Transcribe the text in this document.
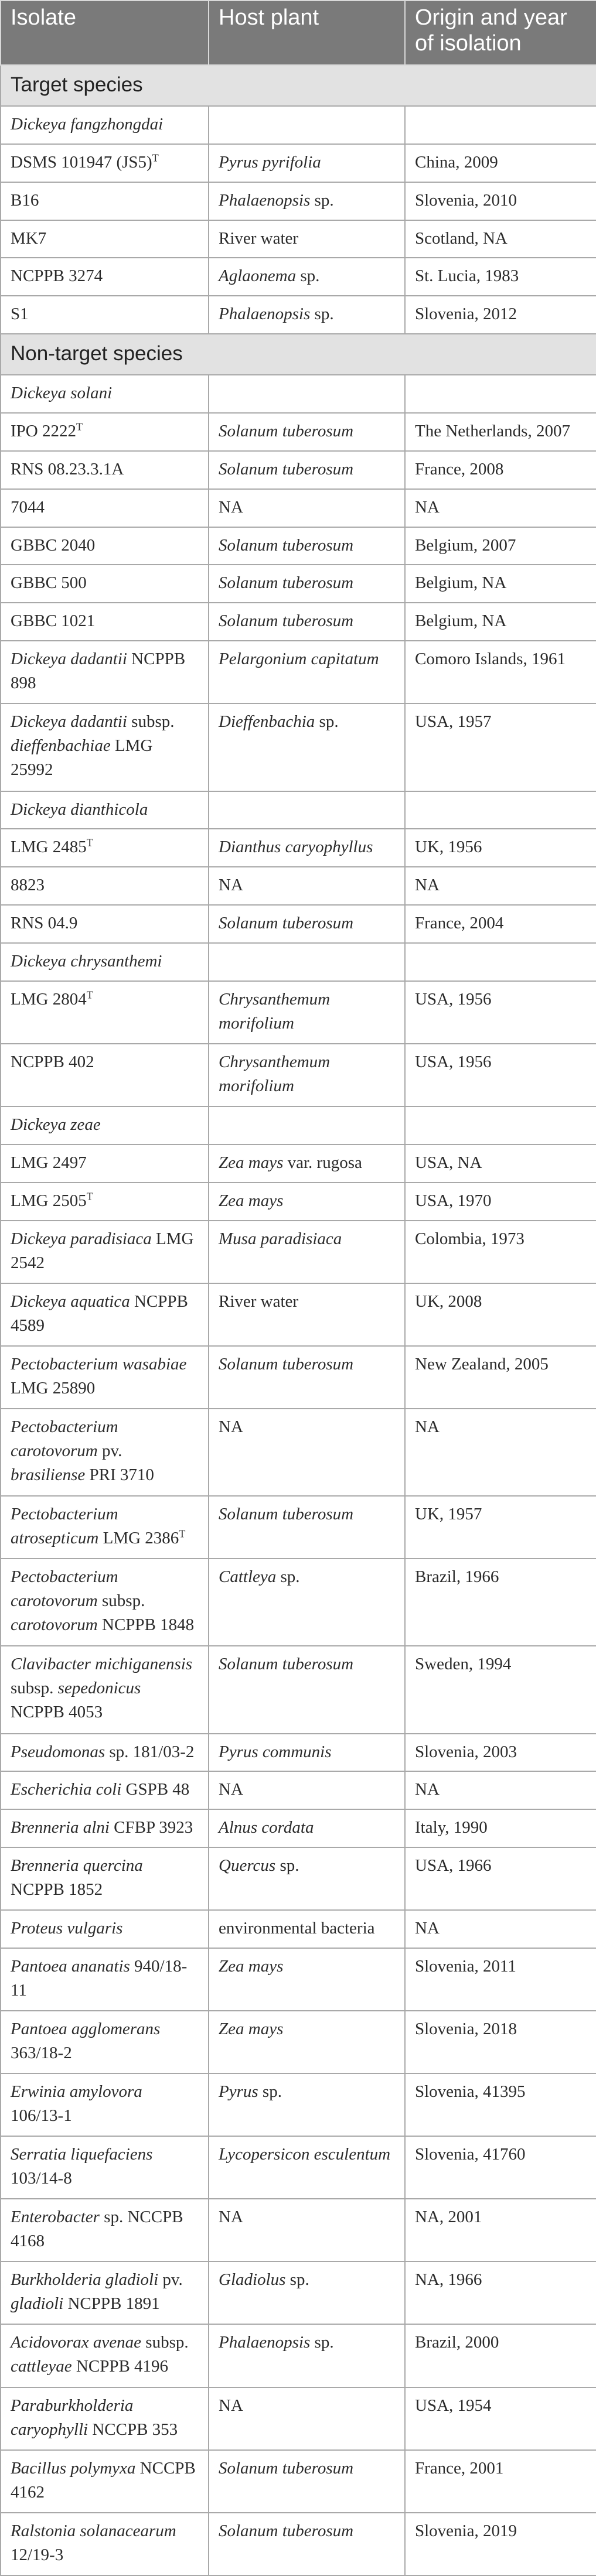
Isolate	Host plant	Origin and year of isolation
Target species		
Dickeya fangzhongdai		
DSMS 101947 $(JS5)^T$	Pyrus pyrifolia	China, 2009
B16	Phalaenopsis sp.	Slovenia, 2010
MK7	River water	Scotland, NA
NCPPB 3274	Aglaonema sp.	St. Lucia, 1983
S1	Phalaenopsis sp.	Slovenia, 2012
Non-target species		
Dickeya solani		
IPO $2222^T$	Solanum tuberosum	The Netherlands, 2007
RNS 08.23.3.1A	Solanum tuberosum	France, 2008
7044	NA	NA
GBBC 2040	Solanum tuberosum	Belgium, 2007
GBBC 500	Solanum tuberosum	Belgium, NA
GBBC 1021	Solanum tuberosum	Belgium, NA
Dickeya dadantii NCPPB 898	Pelargonium capitatum	Comoro Islands, 1961
Dickeya dadantii subsp. dieffenbachiae LMG 25992	Dieffenbachia sp.	USA, 1957
Dickeya dianthicola		
LMG $2485^T$	Dianthus caryophyllus	UK, 1956
8823	NA	NA
RNS 04.9	Solanum tuberosum	France, 2004
Dickeya chrysanthemi		
LMG $2804^T$	Chrysanthemum morifolium	USA, 1956
NCPPB 402	Chrysanthemum morifolium	USA, 1956
Dickeya zeae		
LMG 2497	Zea mays var. rugosa	USA, NA
LMG $2505^T$	Zea mays	USA, 1970
Dickeya paradisiaca LMG 2542	Musa paradisiaca	Colombia, 1973
Dickeya aquatica NCPPB 4589	River water	UK, 2008
Pectobacterium wasabiae LMG 25890	Solanum tuberosum	New Zealand, 2005
Pectobacterium carotovorum pv. brasiliense PRI 3710	NA	NA
Pectobacterium atrosepticum LMG $2386^T$	Solanum tuberosum	UK, 1957
Pectobacterium carotovorum subsp. carotovorum NCPPB 1848	Cattleya sp.	Brazil, 1966
Clavibacter michiganensis subsp. sepedonicus NCPPB 4053	Solanum tuberosum	Sweden, 1994
Pseudomonas sp. 181/03-2	Pyrus communis	Slovenia, 2003
Escherichia coli GSPB 48	NA	NA
Brenneria alni CFBP 3923	Alnus cordata	Italy, 1990
Brenneria quercina NCPPB 1852	Quercus sp.	USA, 1966
Proteus vulgaris	environmental bacteria	NA
Pantoea ananatis 940/18-11	Zea mays	Slovenia, 2011
Pantoea agglomerans 363/18-2	Zea mays	Slovenia, 2018
Erwinia amylovora 106/13-1	Pyrus sp.	Slovenia, 41395
Serratia liquefaciens 103/14-8	Lycopersicon esculentum	Slovenia, 41760
Enterobacter sp. NCCPB 4168	NA	NA, 2001
Burkholderia gladioli pv. gladioli NCPPB 1891	Gladiolus sp.	NA, 1966
Acidovorax avenae subsp. cattleyae NCPPB 4196	Phalaenopsis sp.	Brazil, 2000
Paraburkholderia caryophylli NCCPB 353	NA	USA, 1954
Bacillus polymyxa NCCPB 4162	Solanum tuberosum	France, 2001
Ralstonia solanacearum 12/19-3	Solanum tuberosum	Slovenia, 2019
